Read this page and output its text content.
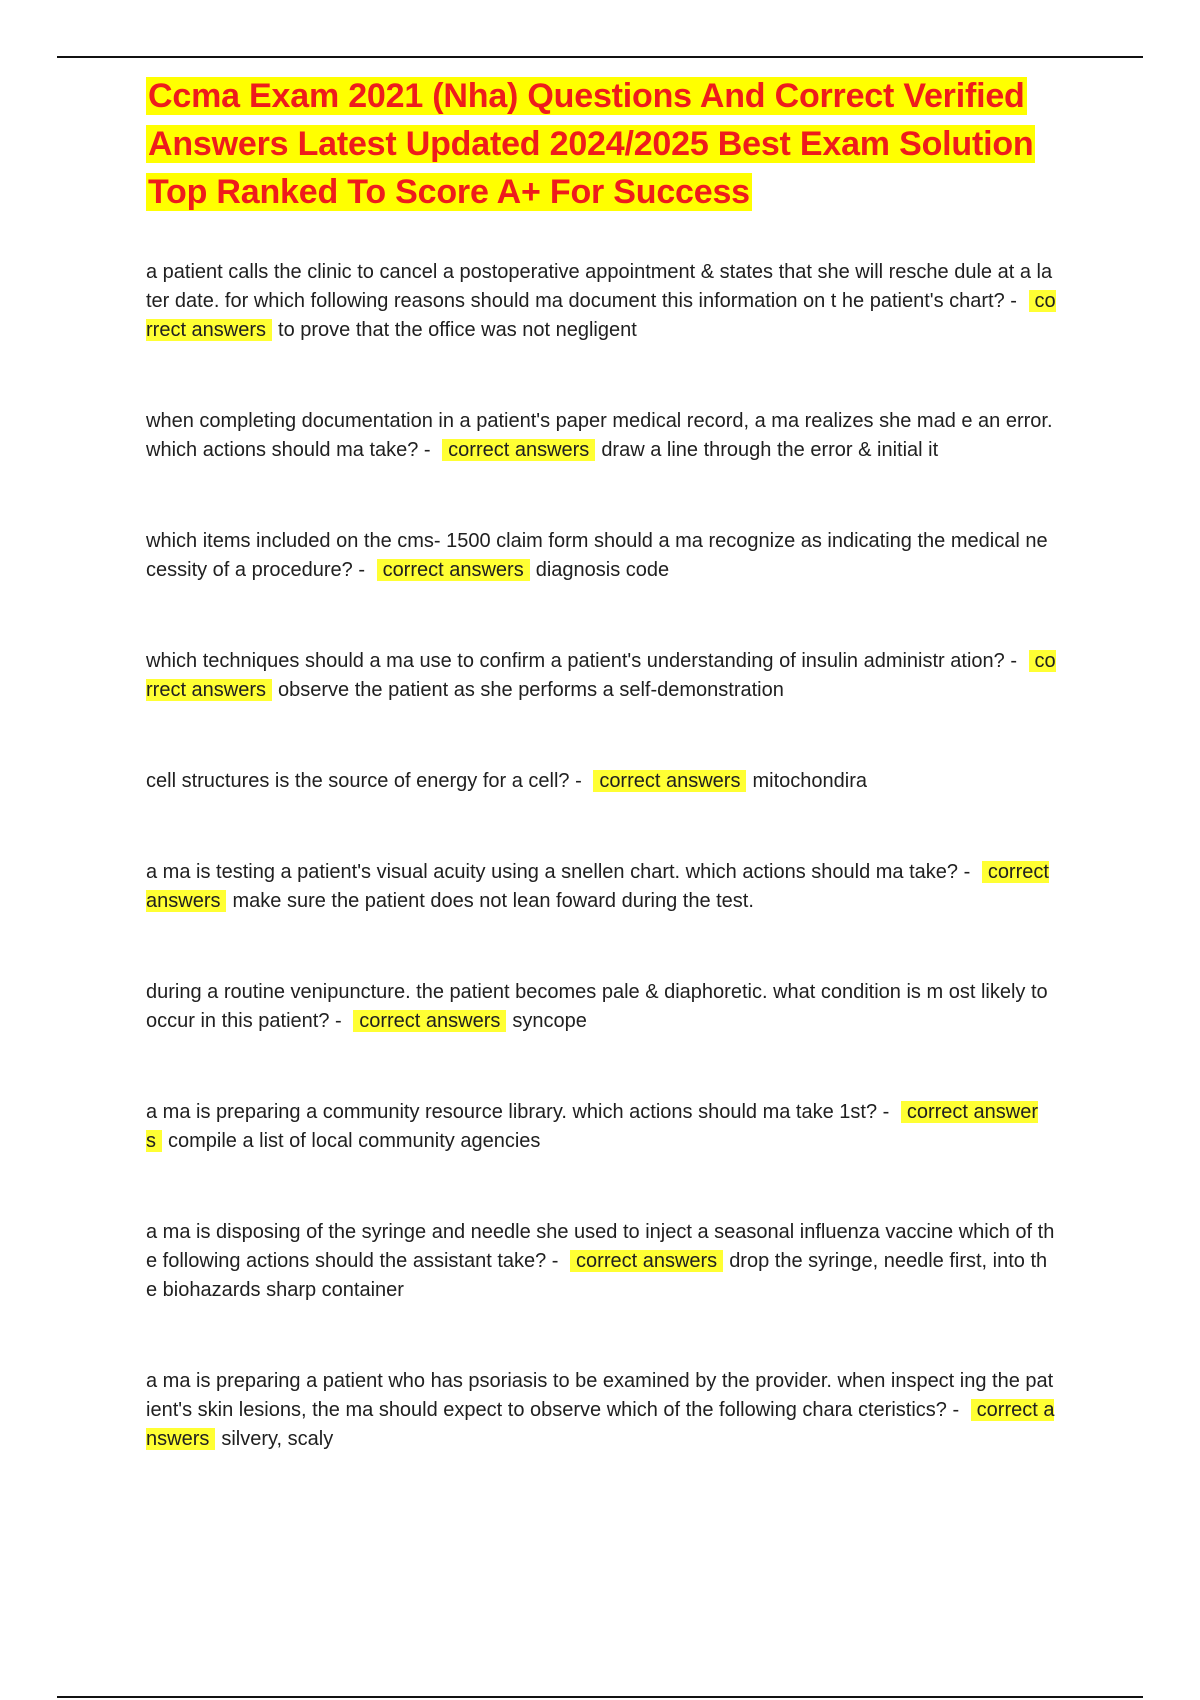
Ccma Exam 2021 (Nha) Questions And Correct Verified Answers Latest Updated 2024/2025 Best Exam Solution Top Ranked To Score A+ For Success

a patient calls the clinic to cancel a postoperative appointment & states that she will resche dule at a later date. for which following reasons should ma document this information on t he patient's chart? - correct answers to prove that the office was not negligent

when completing documentation in a patient's paper medical record, a ma realizes she mad e an error. which actions should ma take? - correct answers draw a line through the error & initial it

which items included on the cms- 1500 claim form should a ma recognize as indicating the medical necessity of a procedure? - correct answers diagnosis code

which techniques should a ma use to confirm a patient's understanding of insulin administr ation? - correct answers observe the patient as she performs a self-demonstration

cell structures is the source of energy for a cell? - correct answers mitochondira

a ma is testing a patient's visual acuity using a snellen chart. which actions should ma take? - correct answers make sure the patient does not lean foward during the test.

during a routine venipuncture. the patient becomes pale & diaphoretic. what condition is m ost likely to occur in this patient? - correct answers syncope

a ma is preparing a community resource library. which actions should ma take 1st? - correct answers compile a list of local community agencies

a ma is disposing of the syringe and needle she used to inject a seasonal influenza vaccine which of the following actions should the assistant take? - correct answers drop the syringe, needle first, into the biohazards sharp container

a ma is preparing a patient who has psoriasis to be examined by the provider. when inspect ing the patient's skin lesions, the ma should expect to observe which of the following chara cteristics? - correct answers silvery, scaly
